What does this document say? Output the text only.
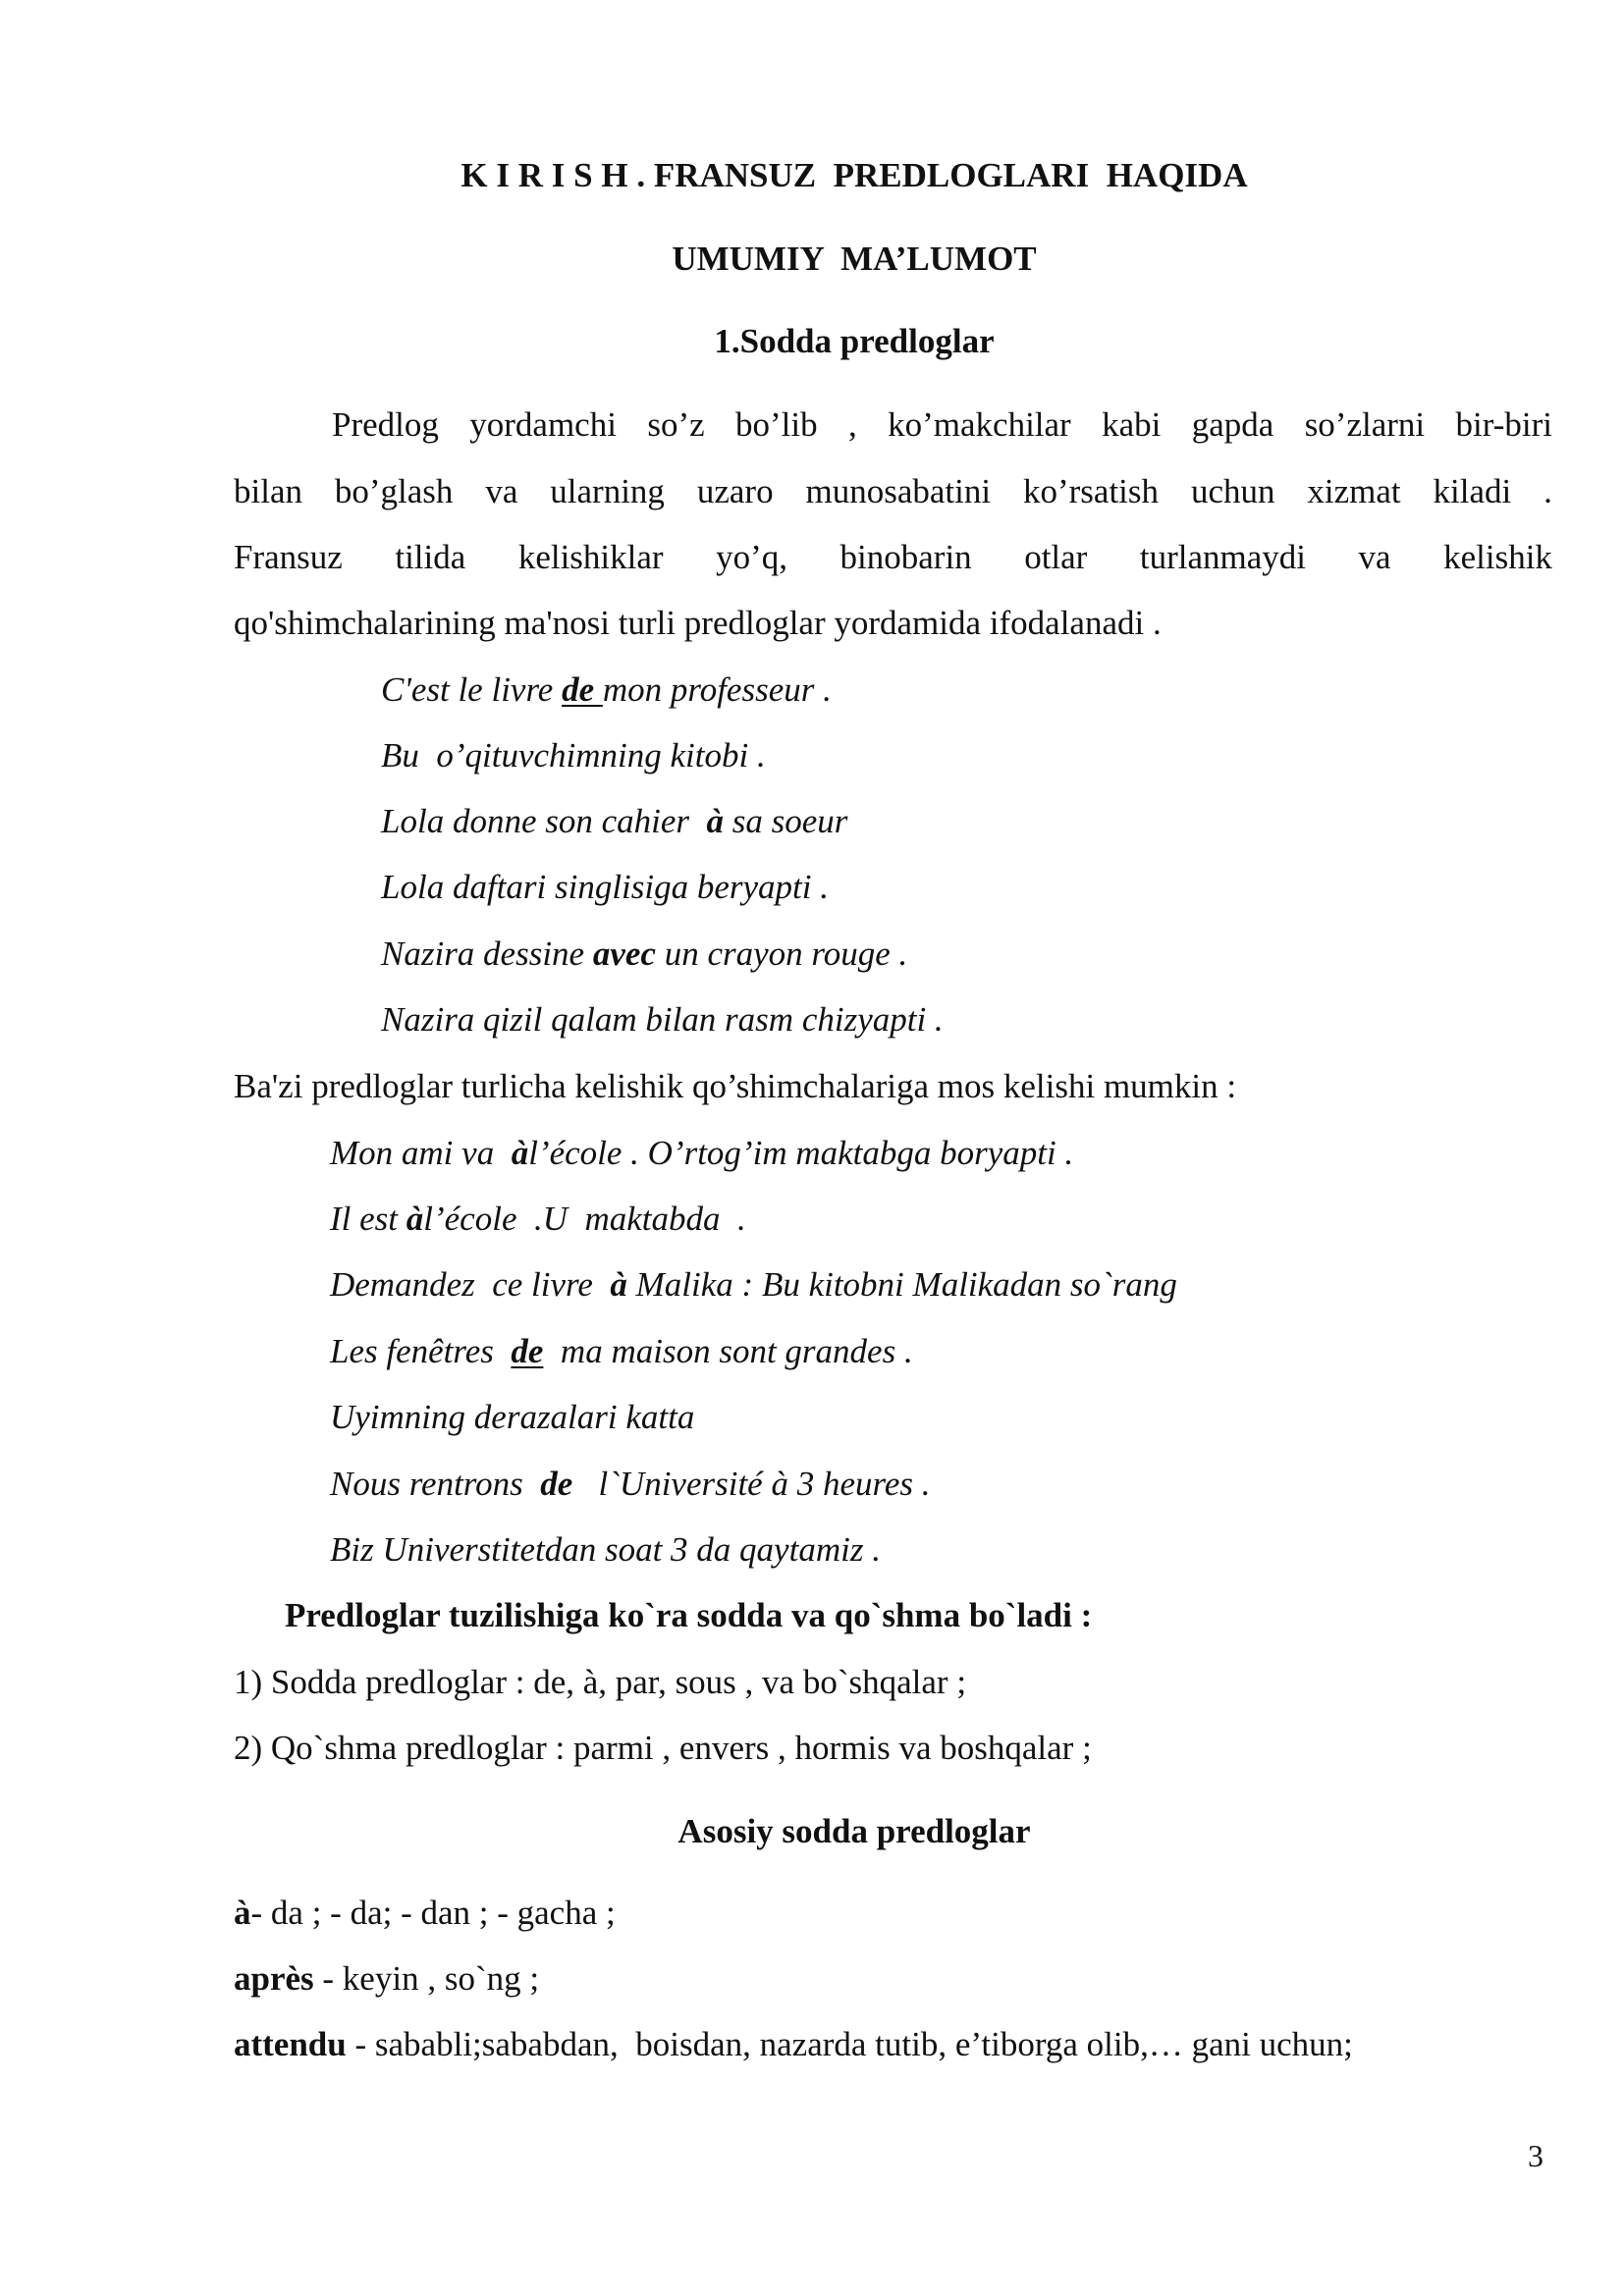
K I R I S H . FRANSUZ  PREDLOGLARI  HAQIDA
UMUMIY  MA’LUMOT
1.Sodda predloglar
Predlog yordamchi so’z bo’lib , ko’makchilar kabi gapda so’zlarni bir-biri
bilan bo’glash va ularning uzaro munosabatini ko’rsatish uchun xizmat kiladi .
Fransuz tilida kelishiklar yo’q, binobarin otlar turlanmaydi va kelishik
qo'shimchalarining ma'nosi turli predloglar yordamida ifodalanadi .
C'est le livre de mon professeur .
Bu  o’qituvchimning kitobi .
Lola donne son cahier  à sa soeur
Lola daftari singlisiga beryapti .
Nazira dessine avec un crayon rouge .
Nazira qizil qalam bilan rasm chizyapti .
Ba'zi predloglar turlicha kelishik qo’shimchalariga mos kelishi mumkin :
Mon ami va  àl’école . O’rtog’im maktabga boryapti .
Il est àl’école  .U  maktabda  .
Demandez  ce livre  à Malika : Bu kitobni Malikadan so`rang
Les fenêtres  de  ma maison sont grandes .
Uyimning derazalari katta
Nous rentrons  de   l`Université à 3 heures .
Biz Universtitetdan soat 3 da qaytamiz .
Predloglar tuzilishiga ko`ra sodda va qo`shma bo`ladi :
1) Sodda predloglar : de, à, par, sous , va bo`shqalar ;
2) Qo`shma predloglar : parmi , envers , hormis va boshqalar ;
Asosiy sodda predloglar
à- da ; - da; - dan ; - gacha ;
après - keyin , so`ng ;
attendu - sababli;sababdan,  boisdan, nazarda tutib, e’tiborga olib,… gani uchun;
3
